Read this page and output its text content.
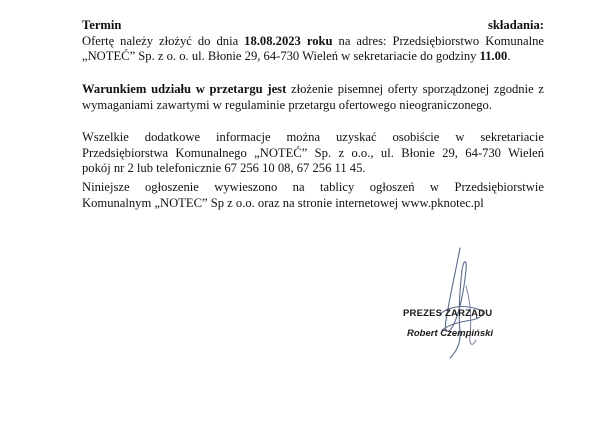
Termin składania:
Ofertę należy złożyć do dnia 18.08.2023 roku na adres: Przedsiębiorstwo Komunalne
„NOTEĆ” Sp. z o. o. ul. Błonie 29, 64-730 Wieleń w sekretariacie do godziny 11.00.
Warunkiem udziału w przetargu jest złożenie pisemnej oferty sporządzonej zgodnie z
wymaganiami zawartymi w regulaminie przetargu ofertowego nieograniczonego.
Wszelkie dodatkowe informacje można uzyskać osobiście w sekretariacie
Przedsiębiorstwa Komunalnego „NOTEĆ” Sp. z o.o., ul. Błonie 29, 64-730 Wieleń
pokój nr 2 lub telefonicznie 67 256 10 08, 67 256 11 45.
Niniejsze ogłoszenie wywieszono na tablicy ogłoszeń w Przedsiębiorstwie
Komunalnym „NOTEC” Sp z o.o. oraz na stronie internetowej www.pknotec.pl
PREZES ZARZĄDU
Robert Czempiński
